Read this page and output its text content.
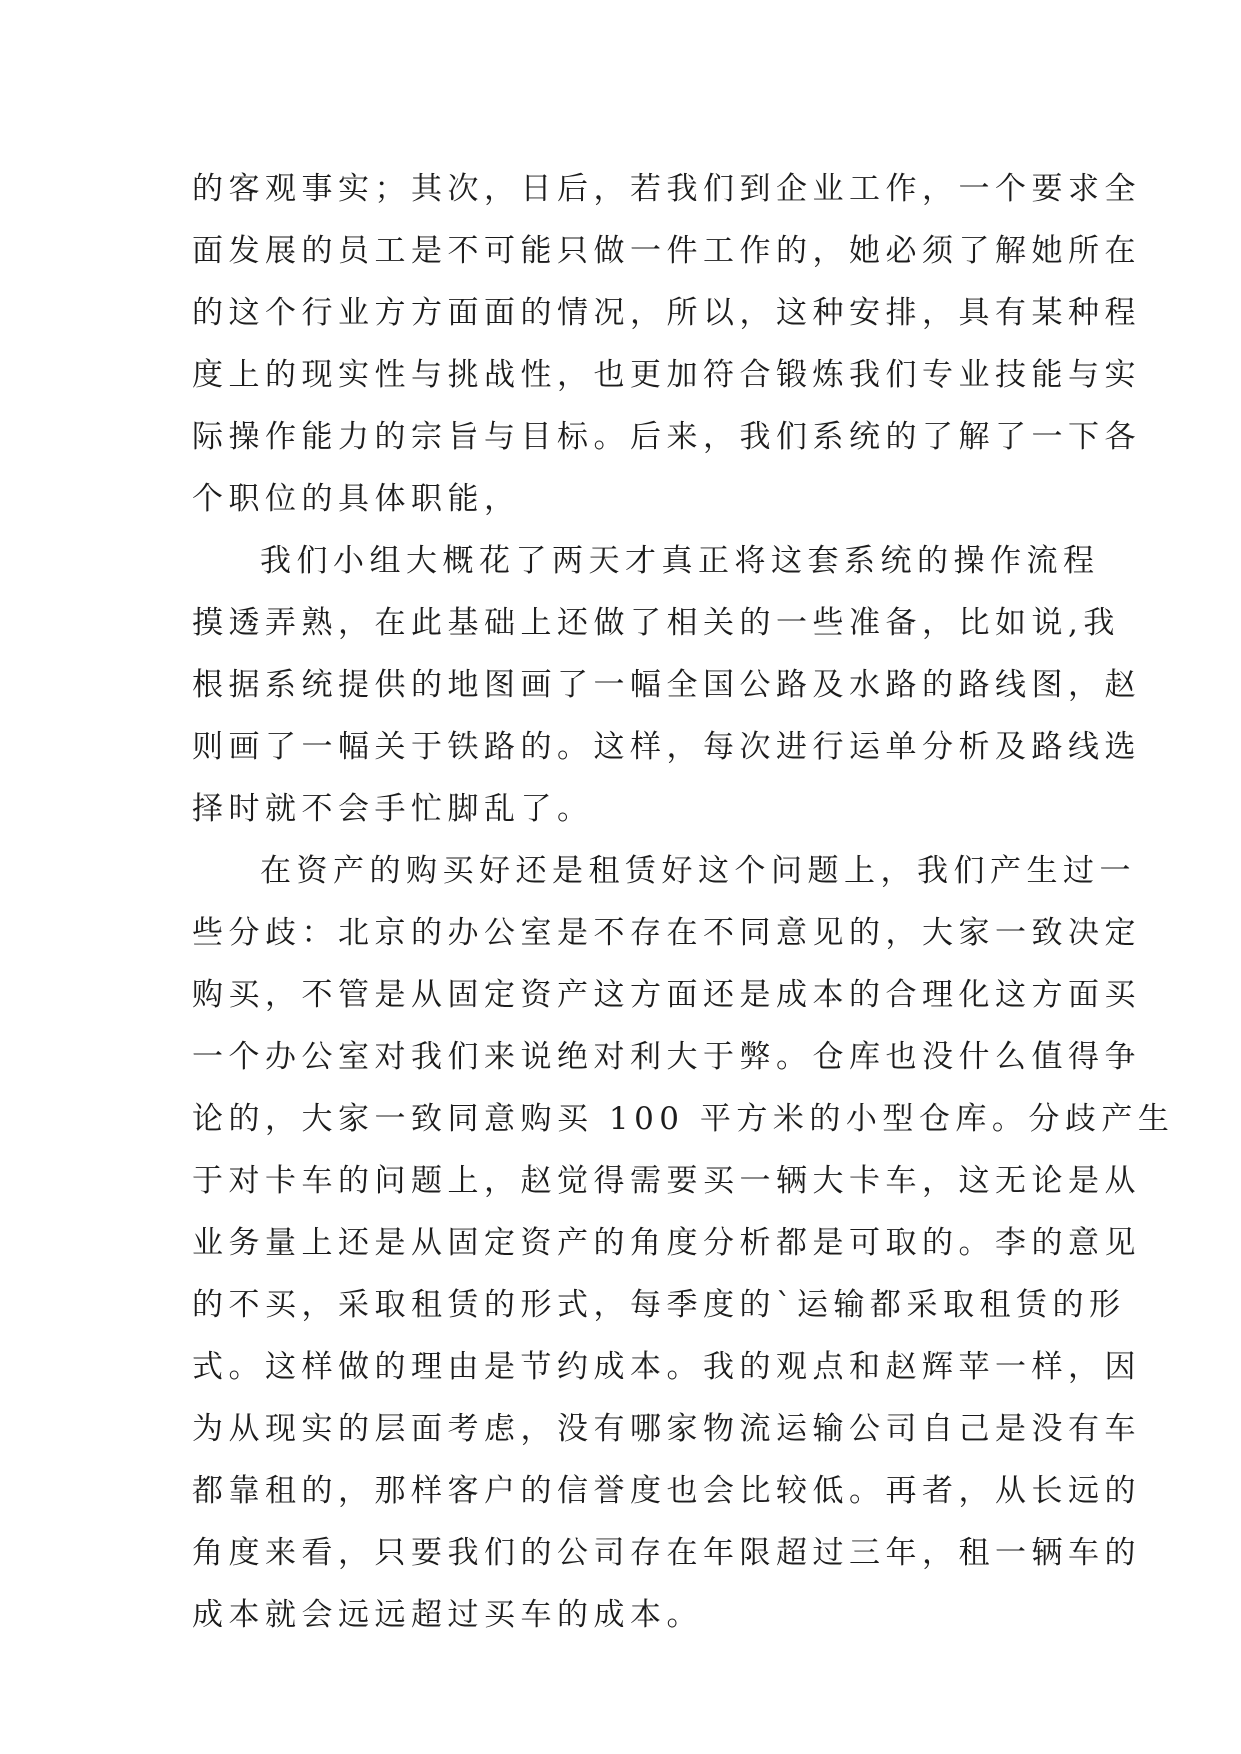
的客观事实；其次，日后，若我们到企业工作，一个要求全
面发展的员工是不可能只做一件工作的，她必须了解她所在
的这个行业方方面面的情况，所以，这种安排，具有某种程
度上的现实性与挑战性，也更加符合锻炼我们专业技能与实
际操作能力的宗旨与目标。后来，我们系统的了解了一下各
个职位的具体职能，
我们小组大概花了两天才真正将这套系统的操作流程
摸透弄熟，在此基础上还做了相关的一些准备，比如说,我
根据系统提供的地图画了一幅全国公路及水路的路线图，赵
则画了一幅关于铁路的。这样，每次进行运单分析及路线选
择时就不会手忙脚乱了。
在资产的购买好还是租赁好这个问题上，我们产生过一
些分歧：北京的办公室是不存在不同意见的，大家一致决定
购买，不管是从固定资产这方面还是成本的合理化这方面买
一个办公室对我们来说绝对利大于弊。仓库也没什么值得争
论的，大家一致同意购买 100 平方米的小型仓库。分歧产生
于对卡车的问题上，赵觉得需要买一辆大卡车，这无论是从
业务量上还是从固定资产的角度分析都是可取的。李的意见
的不买，采取租赁的形式，每季度的`运输都采取租赁的形
式。这样做的理由是节约成本。我的观点和赵辉苹一样，因
为从现实的层面考虑，没有哪家物流运输公司自己是没有车
都靠租的，那样客户的信誉度也会比较低。再者，从长远的
角度来看，只要我们的公司存在年限超过三年，租一辆车的
成本就会远远超过买车的成本。
